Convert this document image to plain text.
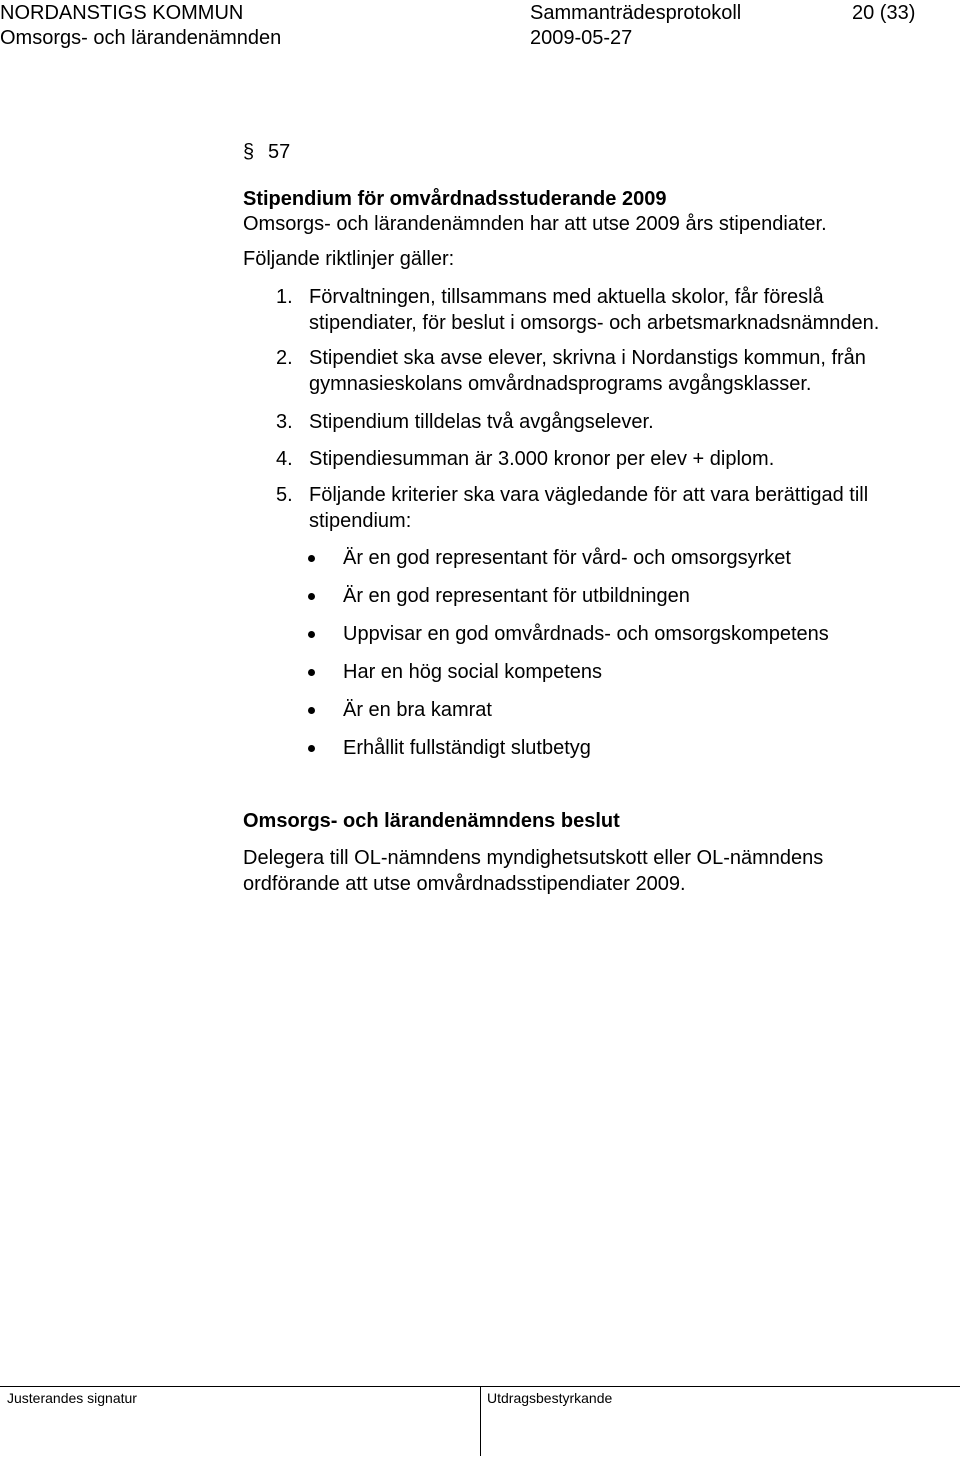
NORDANSTIGS KOMMUN	Sammanträdesprotokoll	20 (33)
Omsorgs- och lärandenämnden	2009-05-27
§ 57
Stipendium för omvårdnadsstuderande 2009
Omsorgs- och lärandenämnden har att utse 2009 års stipendiater.
Följande riktlinjer gäller:
1. Förvaltningen, tillsammans med aktuella skolor, får föreslå
stipendiater, för beslut i omsorgs- och arbetsmarknadsnämnden.
2. Stipendiet ska avse elever, skrivna i Nordanstigs kommun, från
gymnasieskolans omvårdnadsprograms avgångsklasser.
3. Stipendium tilldelas två avgångselever.
4. Stipendiesumman är 3.000 kronor per elev + diplom.
5. Följande kriterier ska vara vägledande för att vara berättigad till
stipendium:
Är en god representant för vård- och omsorgsyrket
Är en god representant för utbildningen
Uppvisar en god omvårdnads- och omsorgskompetens
Har en hög social kompetens
Är en bra kamrat
Erhållit fullständigt slutbetyg
Omsorgs- och lärandenämndens beslut
Delegera till OL-nämndens myndighetsutskott eller OL-nämndens
ordförande att utse omvårdnadsstipendiater 2009.
Justerandes signatur	Utdragsbestyrkande
